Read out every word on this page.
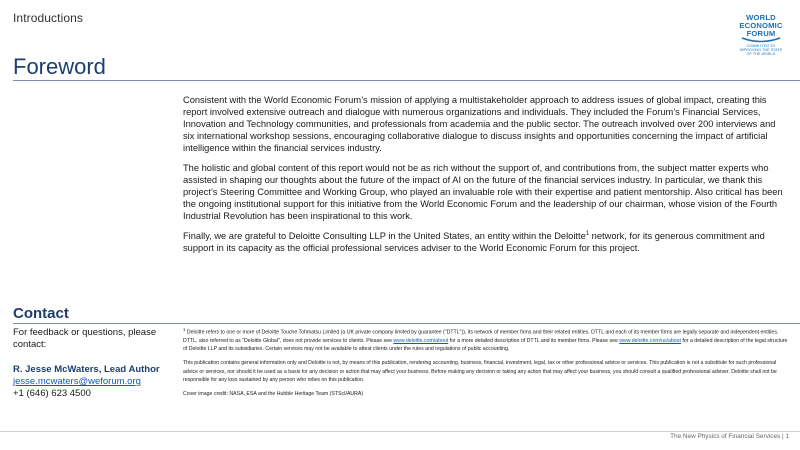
Introductions
Foreword
WORLD
ECONOMIC
FORUM
COMMITTED TO
IMPROVING THE STATE
OF THE WORLD

Consistent with the World Economic Forum’s mission of applying a multistakeholder approach to address issues of global impact, creating this report involved extensive outreach and dialogue with numerous organizations and individuals. They included the Forum’s Financial Services, Innovation and Technology communities, and professionals from academia and the public sector. The outreach involved over 200 interviews and six international workshop sessions, encouraging collaborative dialogue to discuss insights and opportunities concerning the impact of artificial intelligence within the financial services industry.

The holistic and global content of this report would not be as rich without the support of, and contributions from, the subject matter experts who assisted in shaping our thoughts about the future of the impact of AI on the future of the financial services industry. In particular, we thank this project’s Steering Committee and Working Group, who played an invaluable role with their expertise and patient mentorship. Also critical has been the ongoing institutional support for this initiative from the World Economic Forum and the leadership of our chairman, whose vision of the Fourth Industrial Revolution has been inspirational to this work.

Finally, we are grateful to Deloitte Consulting LLP in the United States, an entity within the Deloitte$^1$ network, for its generous commitment and support in its capacity as the official professional services adviser to the World Economic Forum for this project.

Contact
For feedback or questions, please contact:
R. Jesse McWaters, Lead Author
jesse.mcwaters@weforum.org
+1 (646) 623 4500

$^1$ Deloitte refers to one or more of Deloitte Touche Tohmatsu Limited (a UK private company limited by guarantee ("DTTL")), its network of member firms and their related entities. DTTL and each of its member firms are legally separate and independent entities. DTTL, also referred to as "Deloitte Global", does not provide services to clients. Please see www.deloitte.com/about for a more detailed description of DTTL and its member firms. Please see www.deloitte.com/us/about for a detailed description of the legal structure of Deloitte LLP and its subsidiaries. Certain services may not be available to attest clients under the rules and regulations of public accounting.

This publication contains general information only and Deloitte is not, by means of this publication, rendering accounting, business, financial, investment, legal, tax or other professional advice or services. This publication is not a substitute for such professional advice or services, nor should it be used as a basis for any decision or action that may affect your business. Before making any decision or taking any action that may affect your business, you should consult a qualified professional adviser. Deloitte shall not be responsible for any loss sustained by any person who relies on this publication.

Cover image credit: NASA, ESA and the Hubble Heritage Team (STScI/AURA)

The New Physics of Financial Services | 1
